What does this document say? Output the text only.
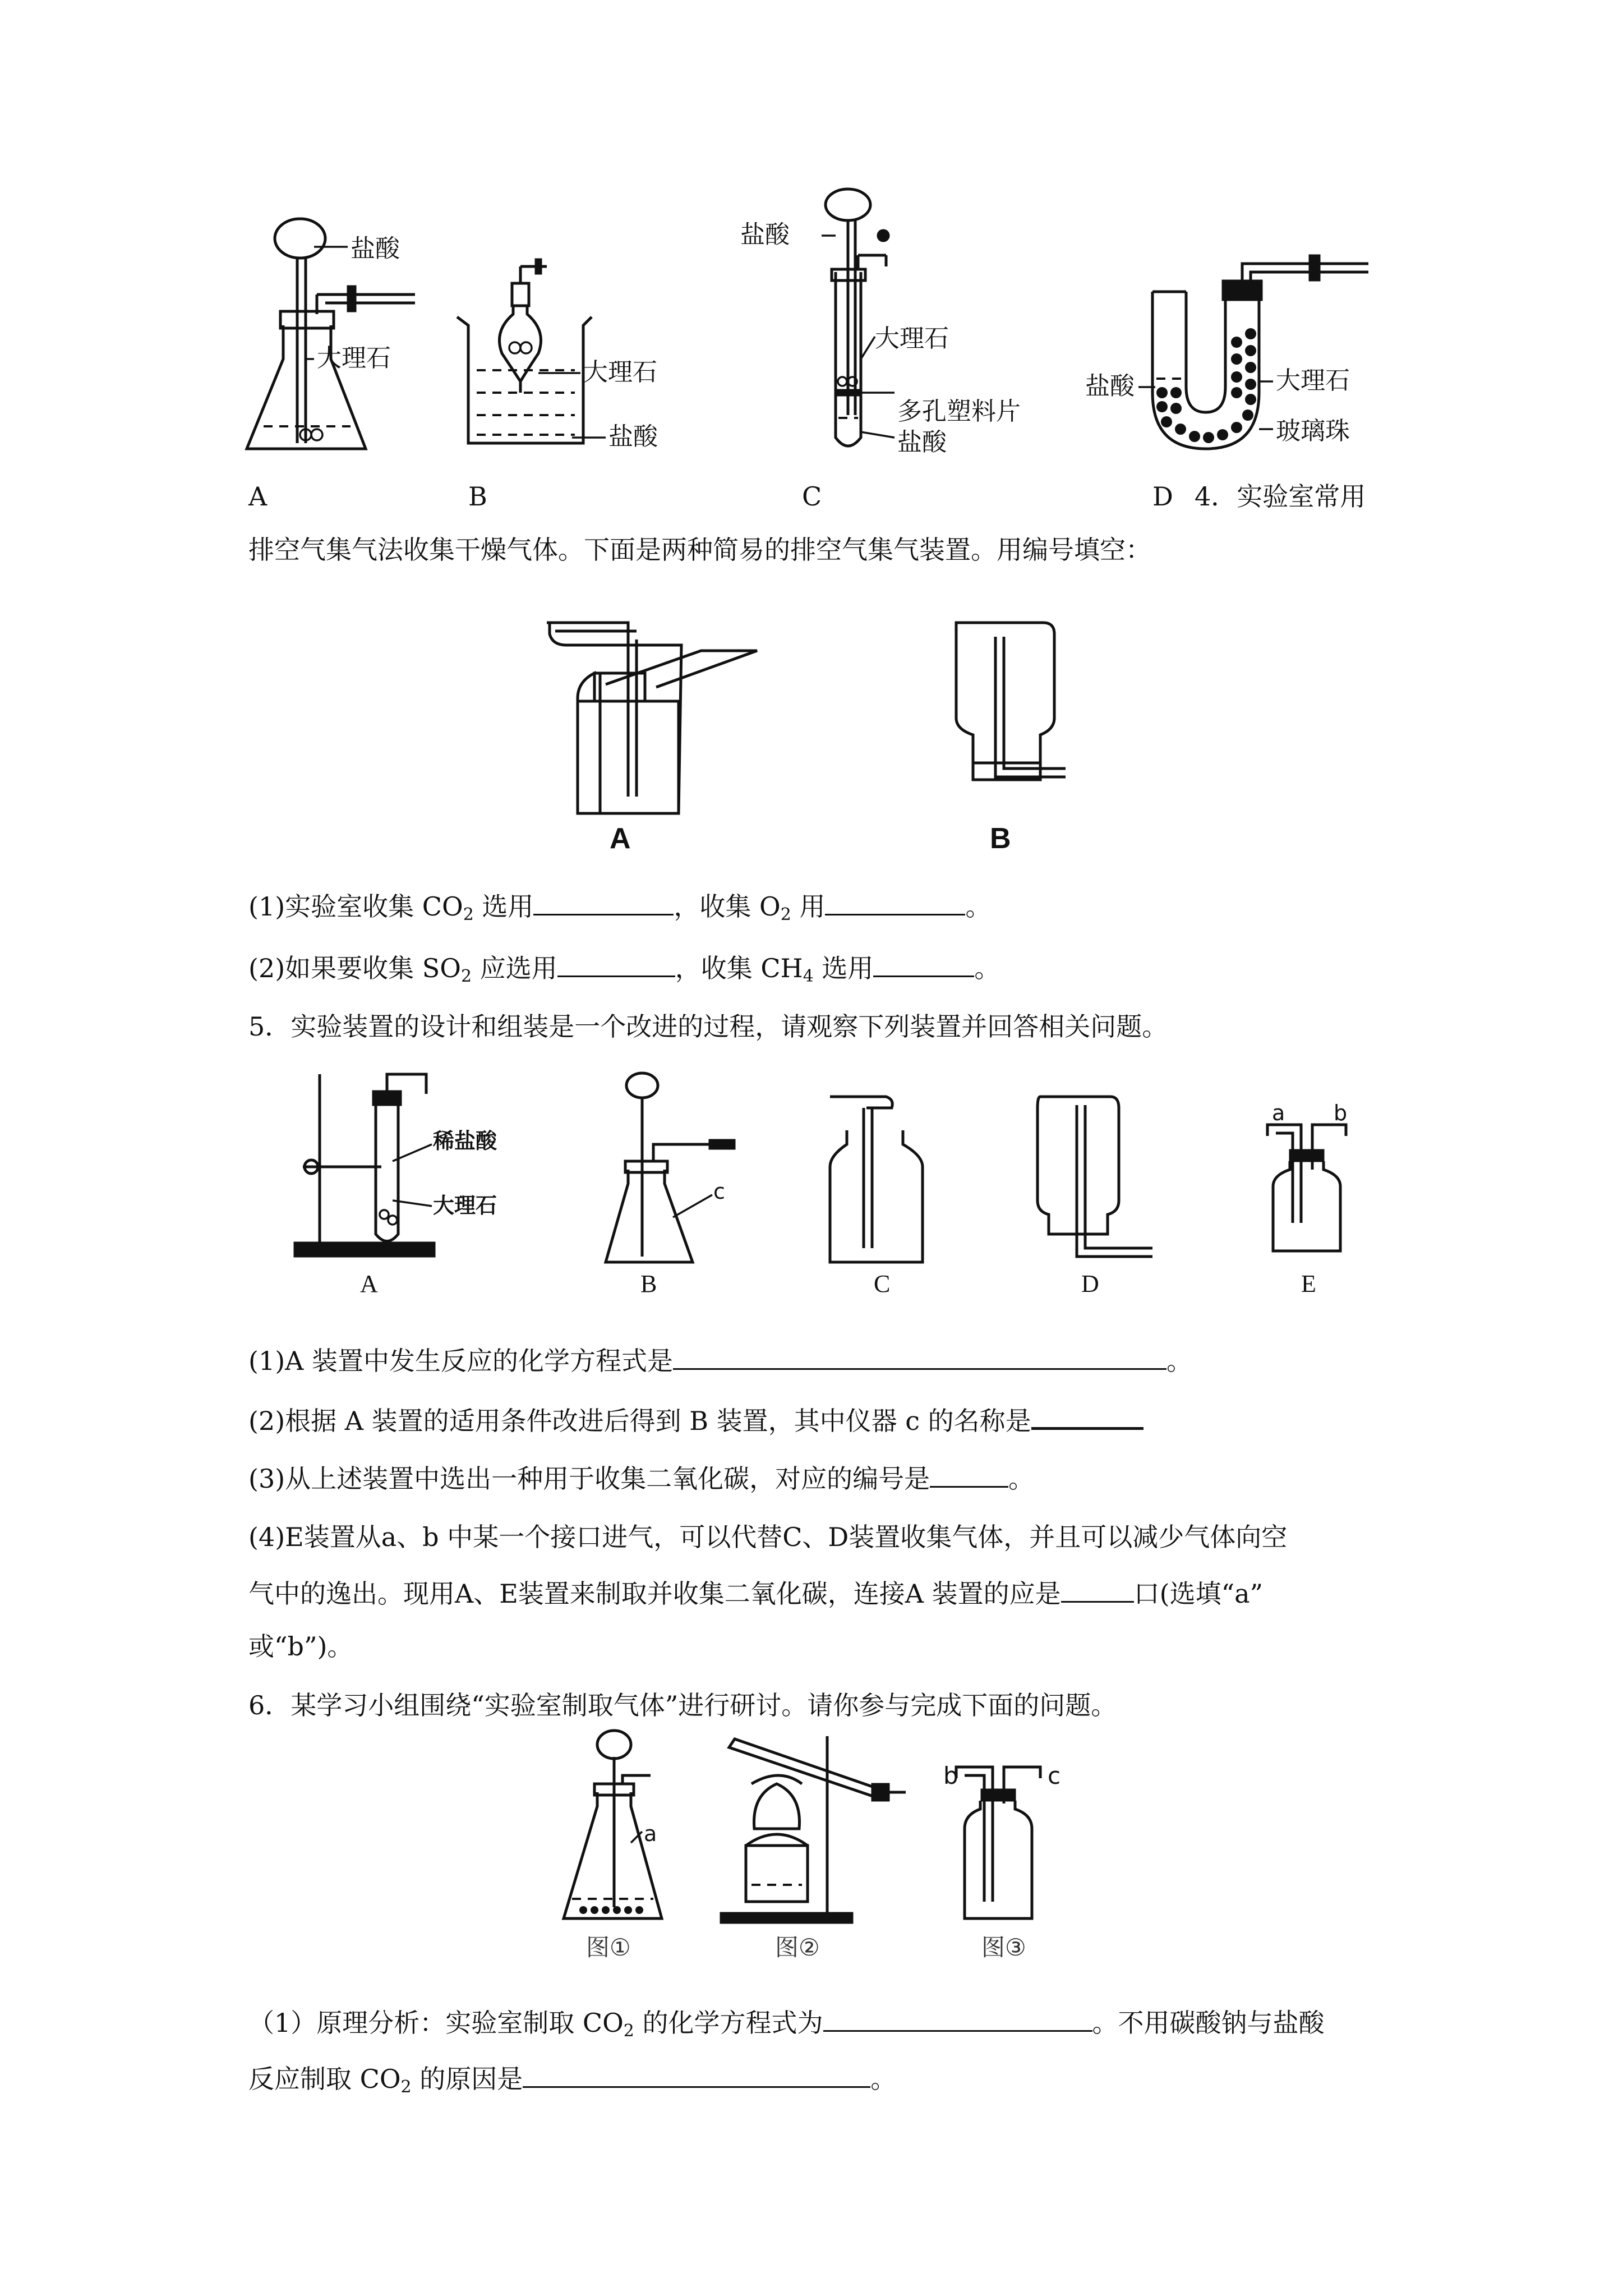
盐酸
大理石	大理石
盐酸
盐酸
大理石
多孔塑料片
盐酸
盐酸	大理石
玻璃珠
A	B	C	D 4．实验室常用
排空气集气法收集干燥气体。下面是两种简易的排空气集气装置。用编号填空：
A	B
(1)实验室收集 $CO_2$ 选用	，收集 $O_2$ 用	。
(2)如果要收集 $SO_2$ 应选用	，收集 $CH_4$ 选用	。
5．实验装置的设计和组装是一个改进的过程，请观察下列装置并回答相关问题。
稀盐酸
大理石
c
a b
A	B	C	D	E
(1)A 装置中发生反应的化学方程式是	。
(2)根据 A 装置的适用条件改进后得到 B 装置，其中仪器 c 的名称是
(3)从上述装置中选出一种用于收集二氧化碳，对应的编号是	。
(4)E装置从a、b 中某一个接口进气，可以代替C、D装置收集气体，并且可以减少气体向空
气中的逸出。现用A、E装置来制取并收集二氧化碳，连接A 装置的应是	口(选填“a”
或“b”)。
6．某学习小组围绕“实验室制取气体”进行研讨。请你参与完成下面的问题。
a
b	c
图①	图②	图③
（1）原理分析：实验室制取 $CO_2$ 的化学方程式为	。不用碳酸钠与盐酸
反应制取 $CO_2$ 的原因是	。
